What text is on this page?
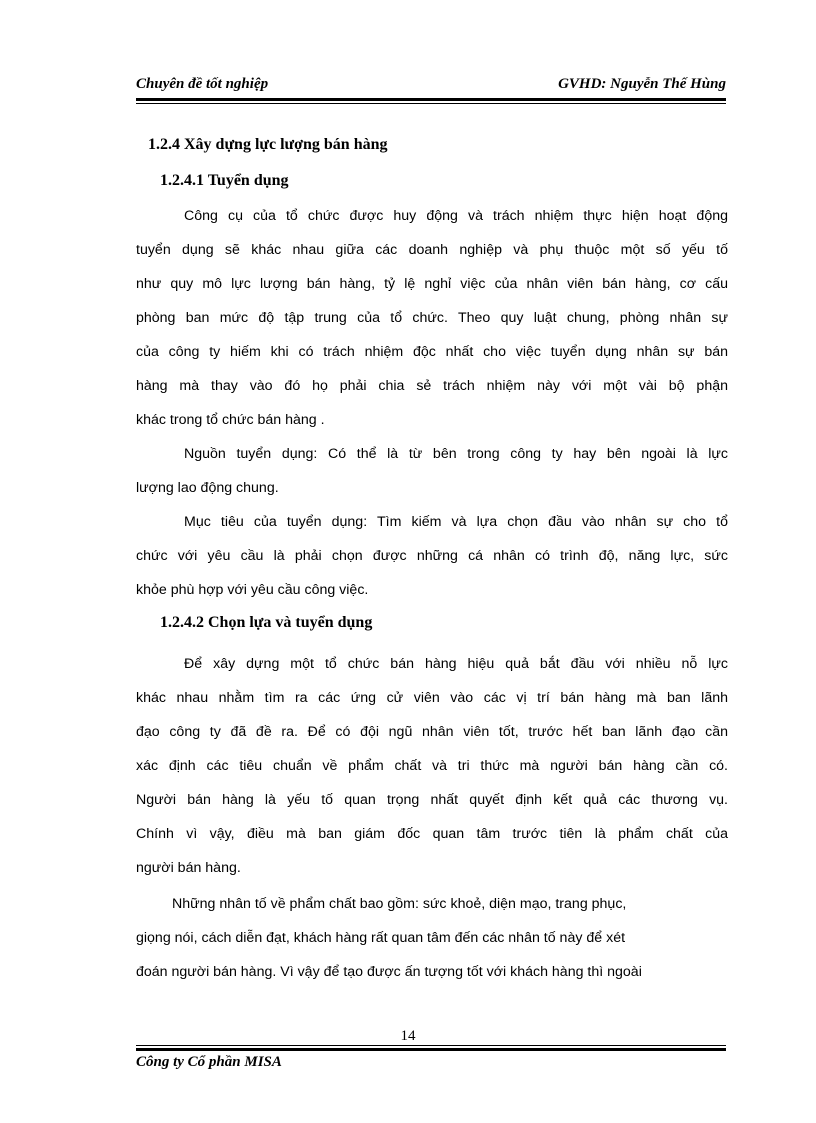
Chuyên đề tốt nghiệp	GVHD: Nguyễn Thế Hùng
1.2.4 Xây dựng lực lượng bán hàng
1.2.4.1 Tuyển dụng
Công cụ của tổ chức được huy động và trách nhiệm thực hiện hoạt động
tuyển dụng sẽ khác nhau giữa các doanh nghiệp và phụ thuộc một số yếu tố
như quy mô lực lượng bán hàng, tỷ lệ nghỉ việc của nhân viên bán hàng, cơ cấu
phòng ban mức độ tập trung của tổ chức. Theo quy luật chung, phòng nhân sự
của công ty hiếm khi có trách nhiệm độc nhất cho việc tuyển dụng nhân sự bán
hàng mà thay vào đó họ phải chia sẻ trách nhiệm này với một vài bộ phận
khác trong tổ chức bán hàng .
Nguồn tuyển dụng: Có thể là từ bên trong công ty hay bên ngoài là lực
lượng lao động chung.
Mục tiêu của tuyển dụng: Tìm kiếm và lựa chọn đầu vào nhân sự cho tổ
chức với yêu cầu là phải chọn được những cá nhân có trình độ, năng lực, sức
khỏe phù hợp với yêu cầu công việc.
1.2.4.2 Chọn lựa và tuyển dụng
Để xây dựng một tổ chức bán hàng hiệu quả bắt đầu với nhiều nỗ lực
khác nhau nhằm tìm ra các ứng cử viên vào các vị trí bán hàng mà ban lãnh
đạo công ty đã đề ra. Để có đội ngũ nhân viên tốt, trước hết ban lãnh đạo cần
xác định các tiêu chuẩn về phẩm chất và tri thức mà người bán hàng cần có.
Người bán hàng là yếu tố quan trọng nhất quyết định kết quả các thương vụ.
Chính vì vậy, điều mà ban giám đốc quan tâm trước tiên là phẩm chất của
người bán hàng.
Những nhân tố về phẩm chất bao gồm: sức khoẻ, diện mạo, trang phục,
giọng nói, cách diễn đạt, khách hàng rất quan tâm đến các nhân tố này để xét
đoán người bán hàng. Vì vậy để tạo được ấn tượng tốt với khách hàng thì ngoài
14
Công ty Cổ phần MISA
